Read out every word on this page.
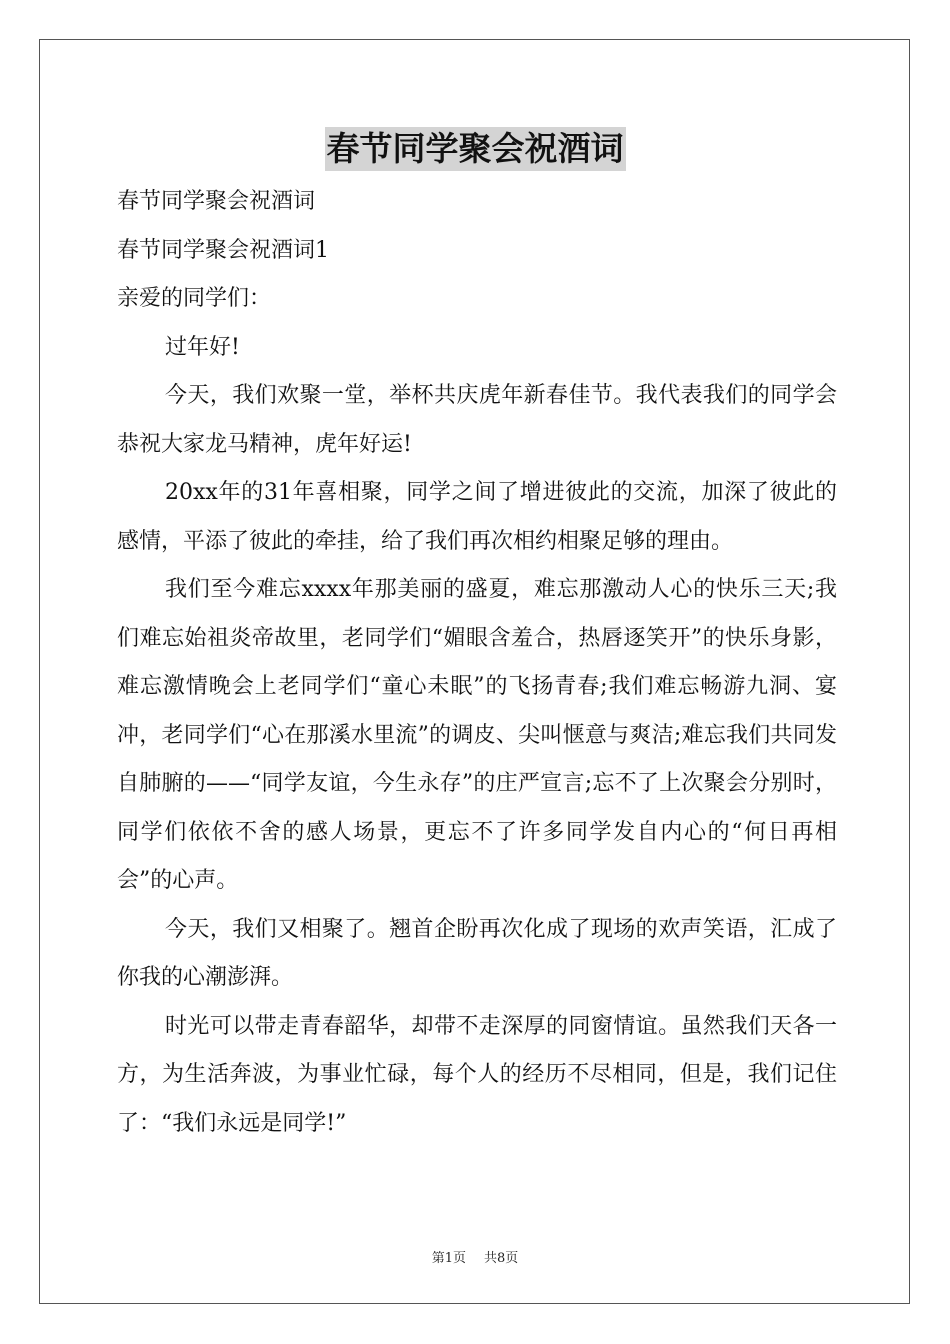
春节同学聚会祝酒词

春节同学聚会祝酒词

春节同学聚会祝酒词1

亲爱的同学们：

过年好!

今天，我们欢聚一堂，举杯共庆虎年新春佳节。我代表我们的同学会恭祝大家龙马精神，虎年好运!

20xx年的31年喜相聚，同学之间了增进彼此的交流，加深了彼此的感情，平添了彼此的牵挂，给了我们再次相约相聚足够的理由。

我们至今难忘xxxx年那美丽的盛夏，难忘那激动人心的快乐三天;我们难忘始祖炎帝故里，老同学们“媚眼含羞合，热唇逐笑开”的快乐身影，难忘激情晚会上老同学们“童心未眠”的飞扬青春;我们难忘畅游九洞、宴冲，老同学们“心在那溪水里流”的调皮、尖叫惬意与爽洁;难忘我们共同发自肺腑的——“同学友谊，今生永存”的庄严宣言;忘不了上次聚会分别时，同学们依依不舍的感人场景，更忘不了许多同学发自内心的“何日再相会”的心声。

今天，我们又相聚了。翘首企盼再次化成了现场的欢声笑语，汇成了你我的心潮澎湃。

时光可以带走青春韶华，却带不走深厚的同窗情谊。虽然我们天各一方，为生活奔波，为事业忙碌，每个人的经历不尽相同，但是，我们记住了：“我们永远是同学!”

第1页 共8页
